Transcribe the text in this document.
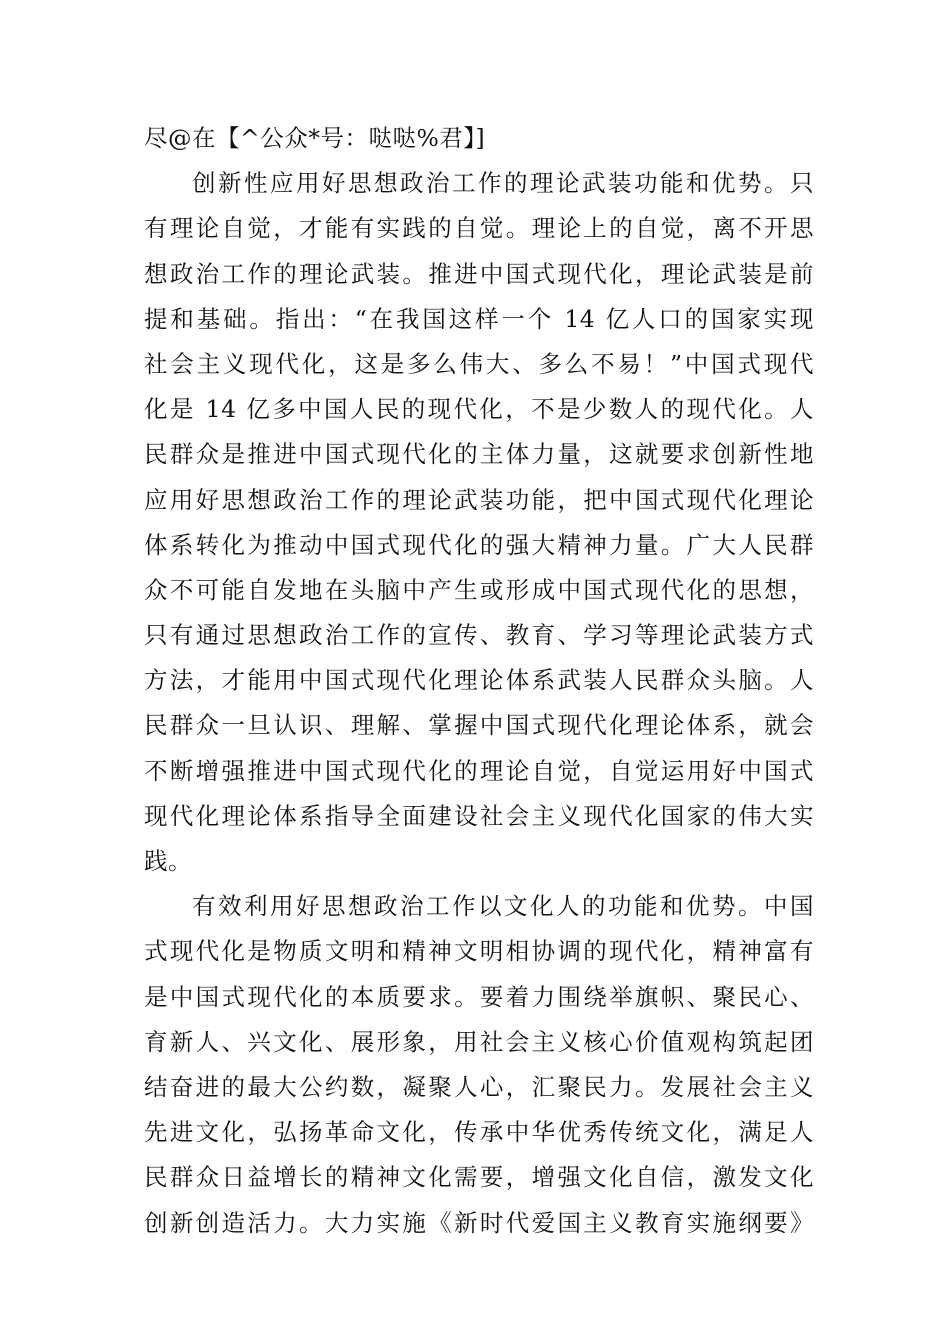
尽@在【^公众*号：哒哒%君】]
创新性应用好思想政治工作的理论武装功能和优势。只
有理论自觉，才能有实践的自觉。理论上的自觉，离不开思
想政治工作的理论武装。推进中国式现代化，理论武装是前
提和基础。指出：“在我国这样一个 14 亿人口的国家实现
社会主义现代化，这是多么伟大、多么不易！”中国式现代
化是 14 亿多中国人民的现代化，不是少数人的现代化。人
民群众是推进中国式现代化的主体力量，这就要求创新性地
应用好思想政治工作的理论武装功能，把中国式现代化理论
体系转化为推动中国式现代化的强大精神力量。广大人民群
众不可能自发地在头脑中产生或形成中国式现代化的思想，
只有通过思想政治工作的宣传、教育、学习等理论武装方式
方法，才能用中国式现代化理论体系武装人民群众头脑。人
民群众一旦认识、理解、掌握中国式现代化理论体系，就会
不断增强推进中国式现代化的理论自觉，自觉运用好中国式
现代化理论体系指导全面建设社会主义现代化国家的伟大实
践。
有效利用好思想政治工作以文化人的功能和优势。中国
式现代化是物质文明和精神文明相协调的现代化，精神富有
是中国式现代化的本质要求。要着力围绕举旗帜、聚民心、
育新人、兴文化、展形象，用社会主义核心价值观构筑起团
结奋进的最大公约数，凝聚人心，汇聚民力。发展社会主义
先进文化，弘扬革命文化，传承中华优秀传统文化，满足人
民群众日益增长的精神文化需要，增强文化自信，激发文化
创新创造活力。大力实施《新时代爱国主义教育实施纲要》
